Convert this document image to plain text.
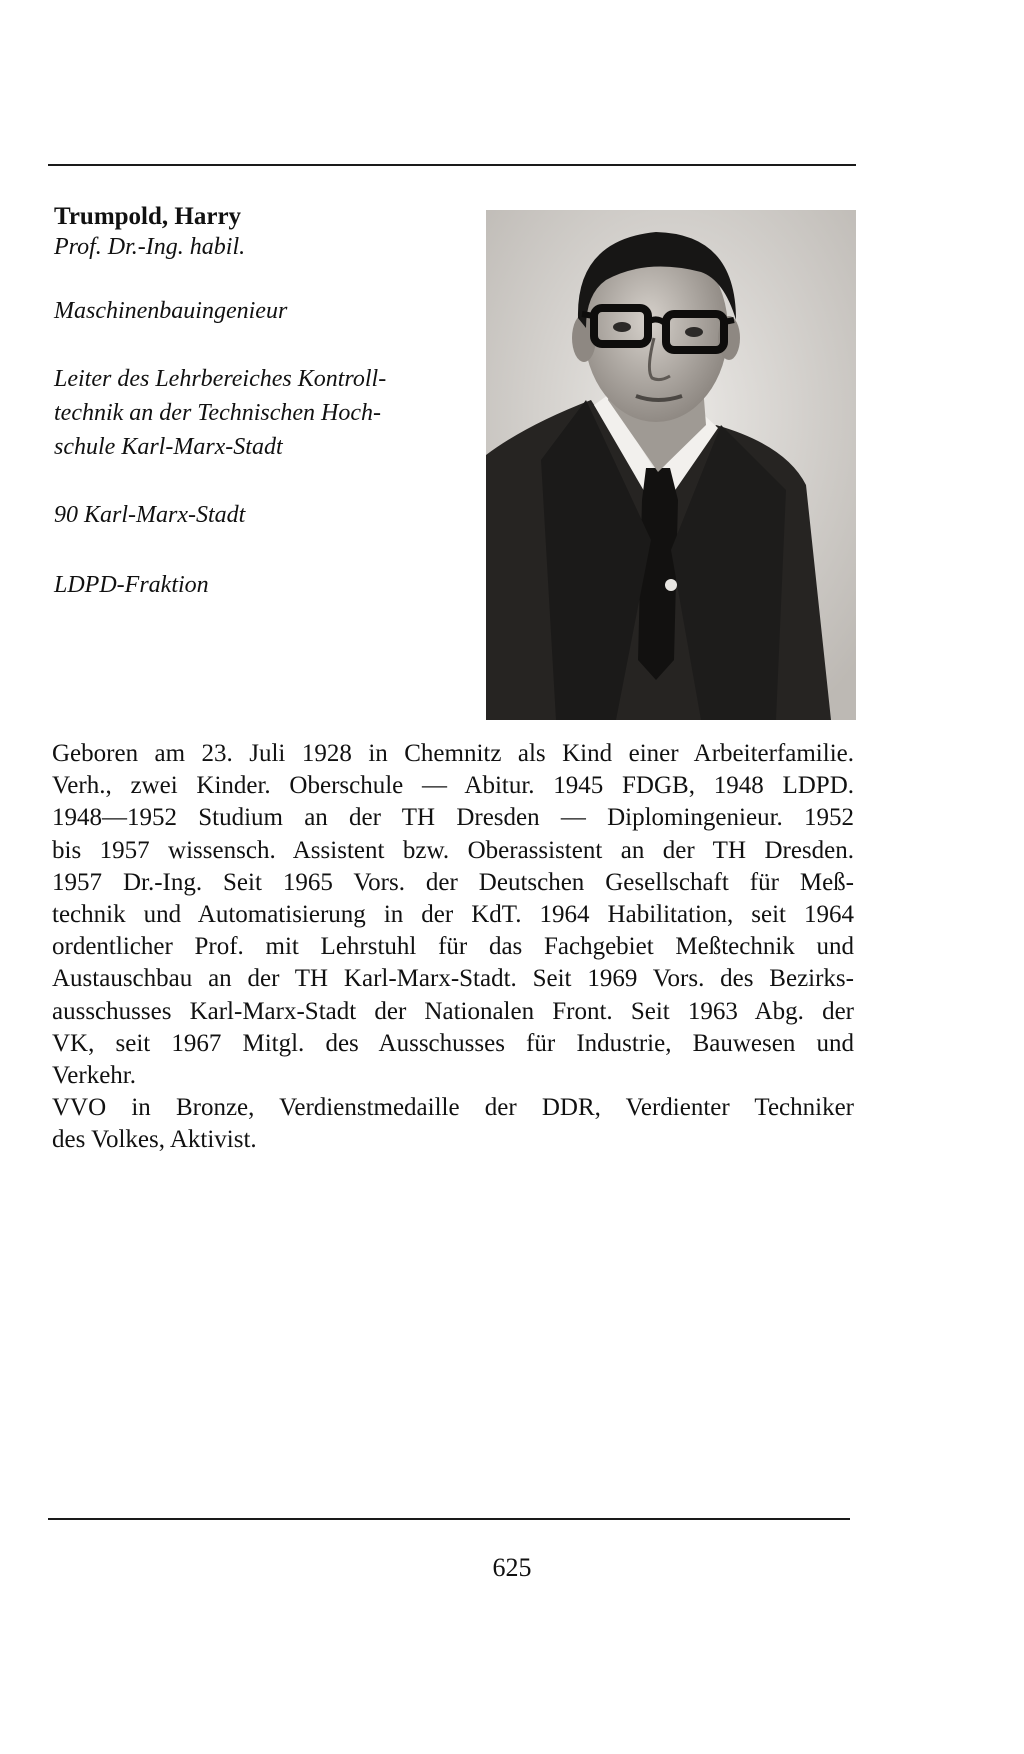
Trumpold, Harry

Prof. Dr.-Ing. habil.

Maschinenbauingenieur

Leiter des Lehrbereiches Kontroll-

technik an der Technischen Hoch-

schule Karl-Marx-Stadt

90 Karl-Marx-Stadt

LDPD-Fraktion

Geboren am 23. Juli 1928 in Chemnitz als Kind einer Arbeiterfamilie.
Verh., zwei Kinder. Oberschule — Abitur. 1945 FDGB, 1948 LDPD.
1948—1952 Studium an der TH Dresden — Diplomingenieur. 1952
bis 1957 wissensch. Assistent bzw. Oberassistent an der TH Dresden.
1957 Dr.-Ing. Seit 1965 Vors. der Deutschen Gesellschaft für Meß-
technik und Automatisierung in der KdT. 1964 Habilitation, seit 1964
ordentlicher Prof. mit Lehrstuhl für das Fachgebiet Meßtechnik und
Austauschbau an der TH Karl-Marx-Stadt. Seit 1969 Vors. des Bezirks-
ausschusses Karl-Marx-Stadt der Nationalen Front. Seit 1963 Abg. der
VK, seit 1967 Mitgl. des Ausschusses für Industrie, Bauwesen und
Verkehr.
VVO in Bronze, Verdienstmedaille der DDR, Verdienter Techniker
des Volkes, Aktivist.
625
